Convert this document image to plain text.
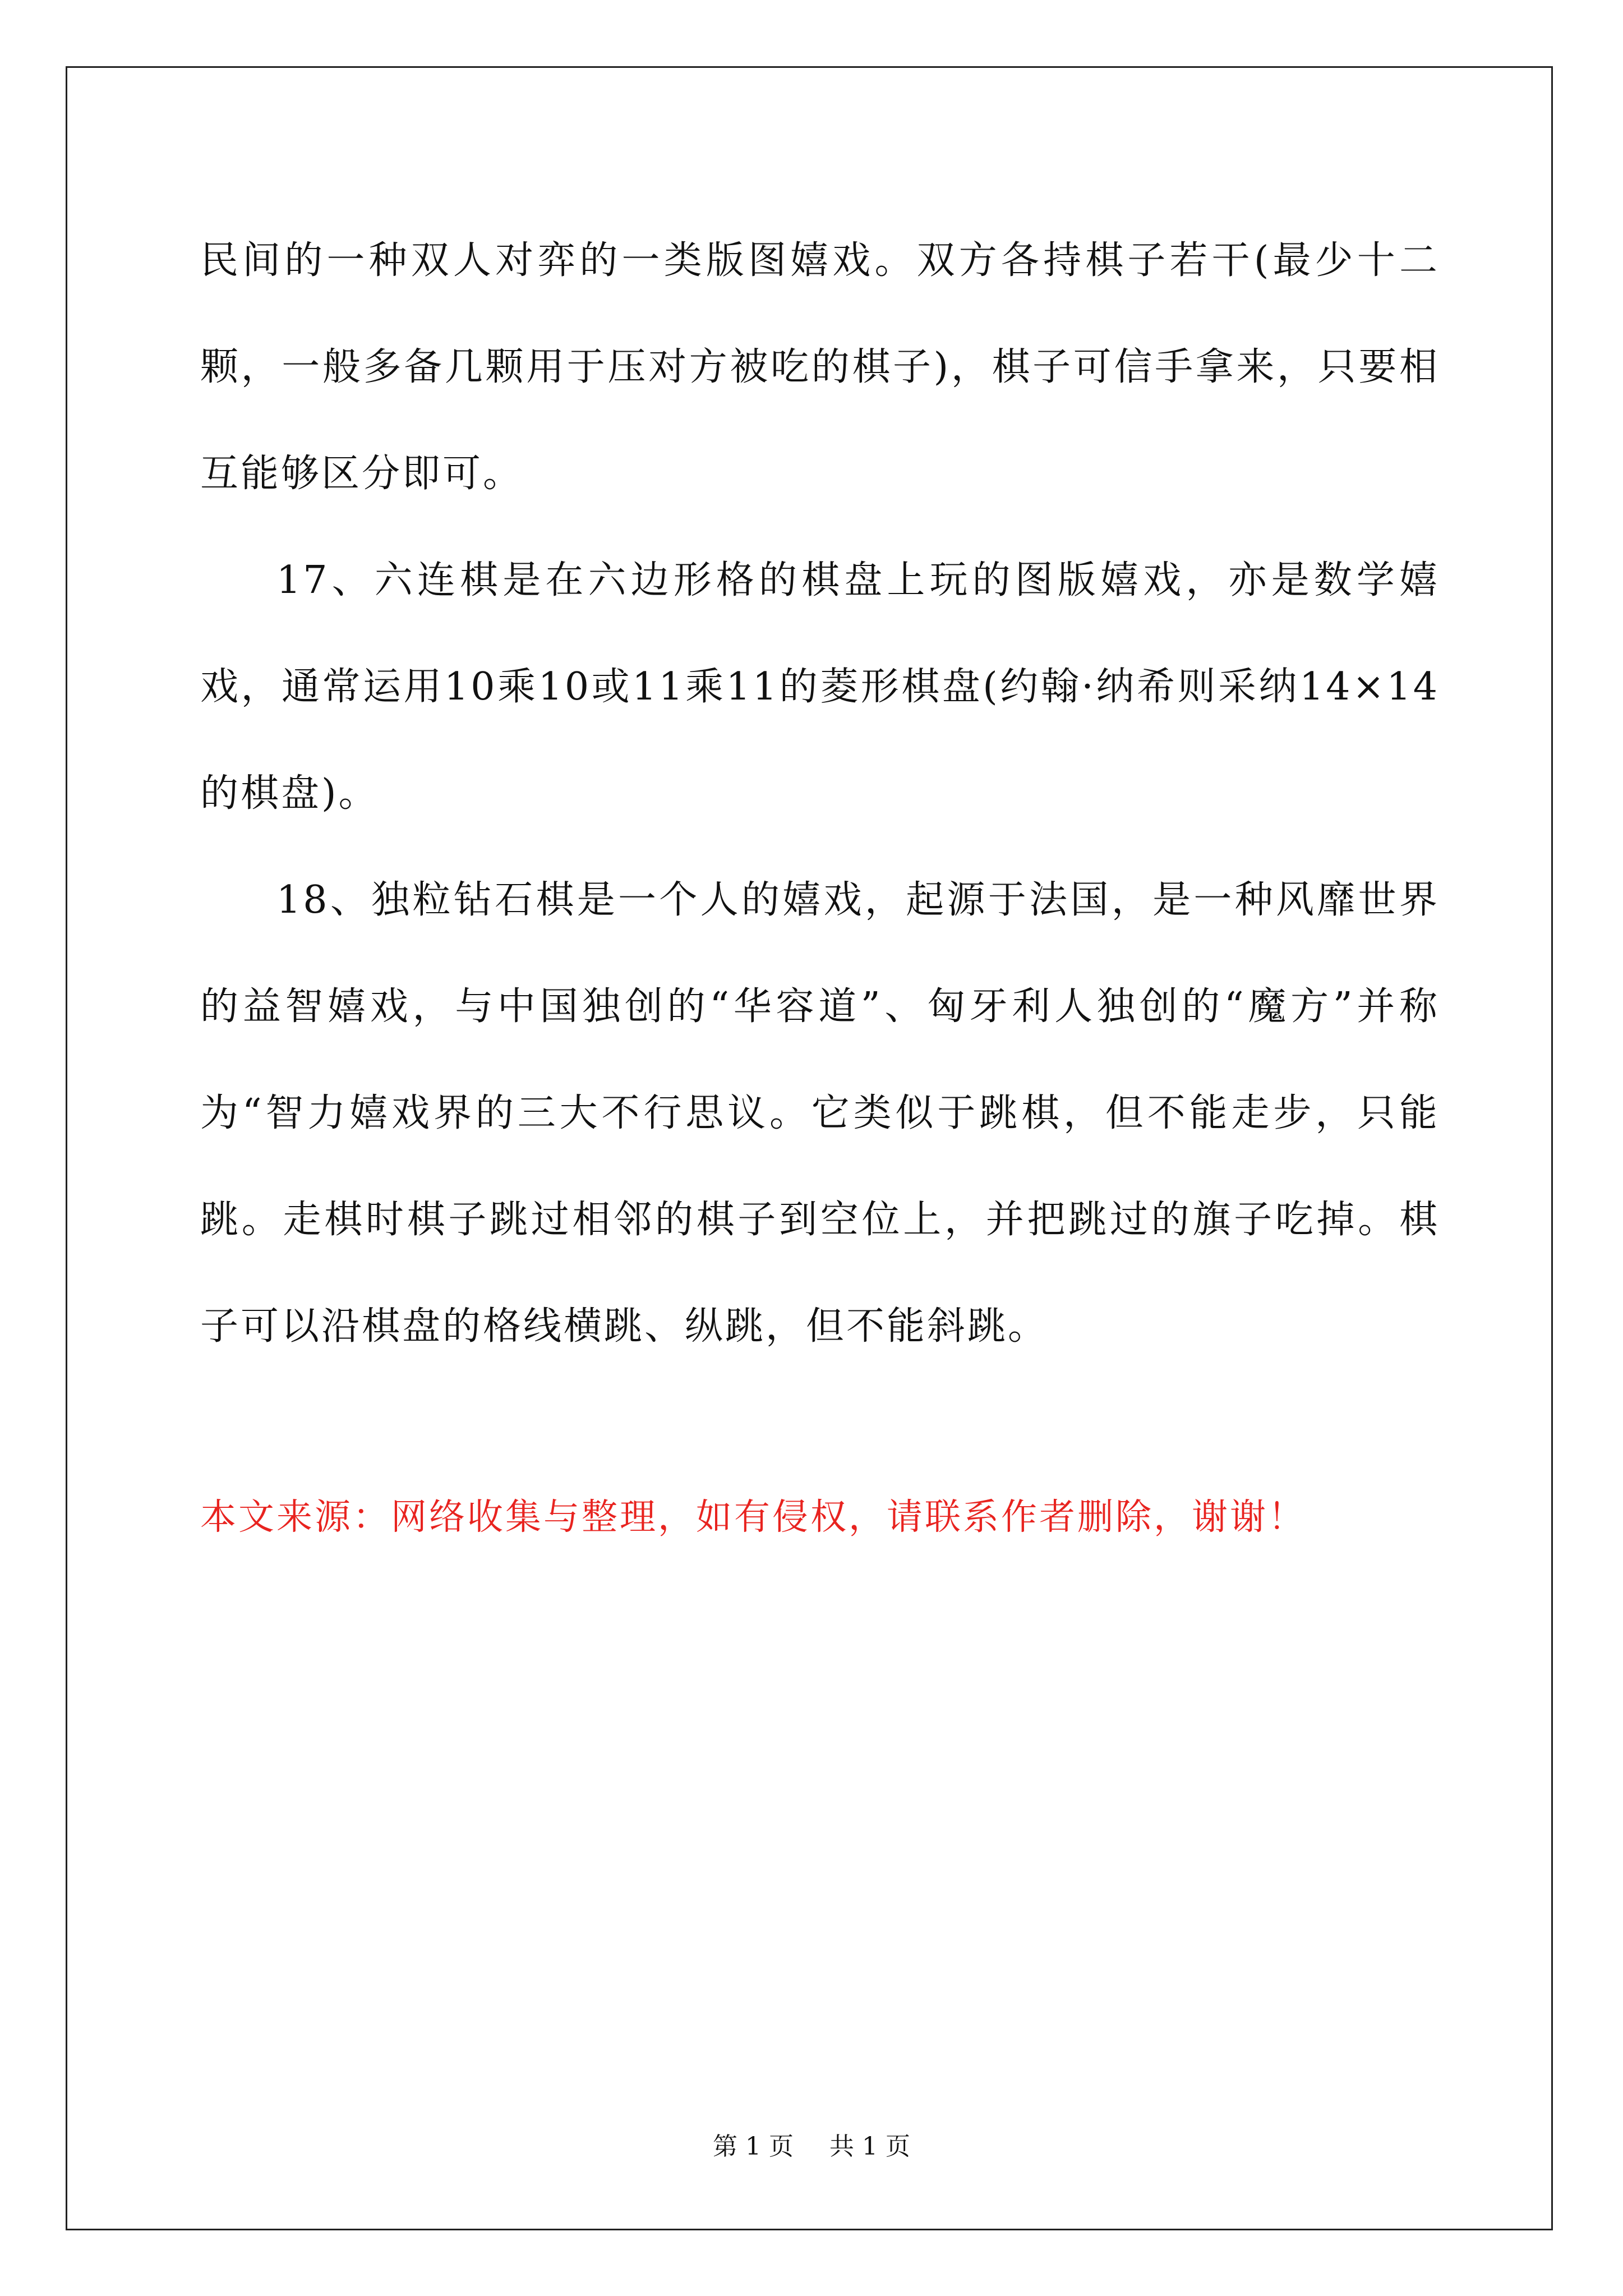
民间的一种双人对弈的一类版图嬉戏。双方各持棋子若干(最少十二颗，一般多备几颗用于压对方被吃的棋子)，棋子可信手拿来，只要相互能够区分即可。

17、六连棋是在六边形格的棋盘上玩的图版嬉戏，亦是数学嬉戏，通常运用10乘10或11乘11的菱形棋盘(约翰·纳希则采纳14×14的棋盘)。

18、独粒钻石棋是一个人的嬉戏，起源于法国，是一种风靡世界的益智嬉戏，与中国独创的“华容道”、匈牙利人独创的“魔方”并称为“智力嬉戏界的三大不行思议。它类似于跳棋，但不能走步，只能跳。走棋时棋子跳过相邻的棋子到空位上，并把跳过的旗子吃掉。棋子可以沿棋盘的格线横跳、纵跳，但不能斜跳。

本文来源：网络收集与整理，如有侵权，请联系作者删除，谢谢！
第 1 页 共 1 页
